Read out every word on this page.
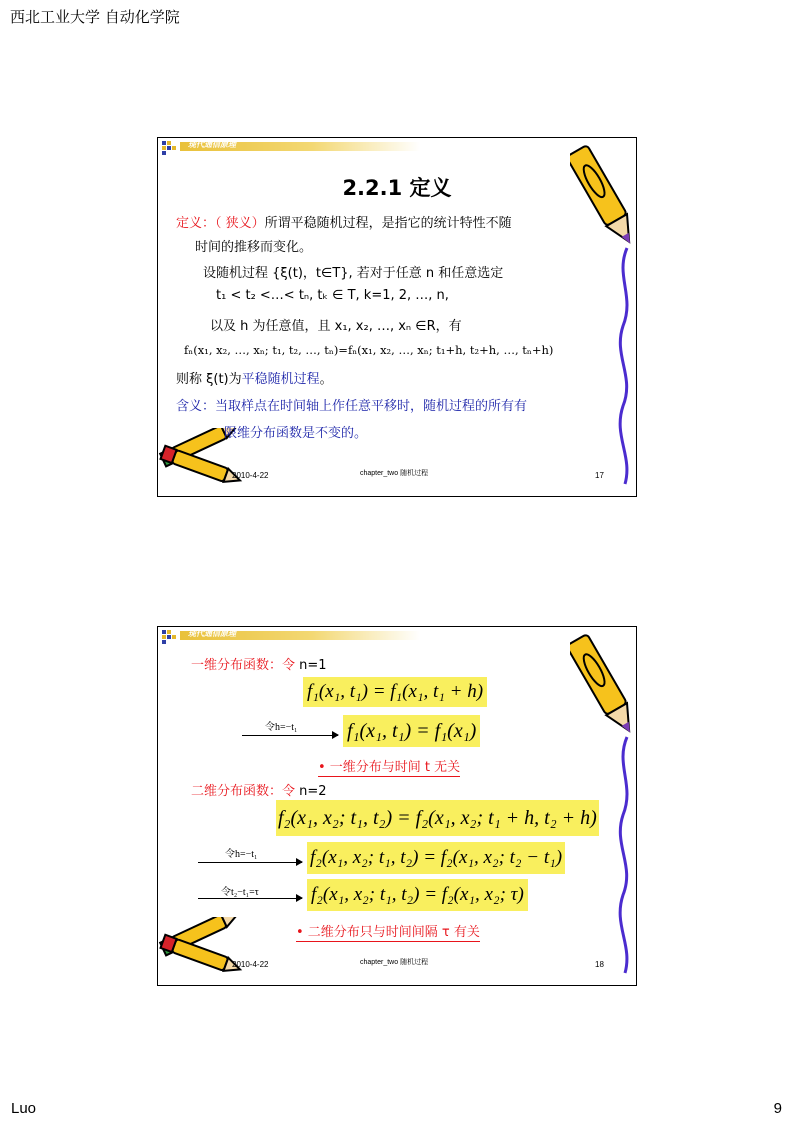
西北工业大学 自动化学院
现代通信原理
2.2.1 定义
定义：（ 狭义）所谓平稳随机过程，是指它的统计特性不随
时间的推移而变化。
设随机过程 {ξ(t)，t∈T}, 若对于任意 n 和任意选定
t₁ < t₂ <…< tₙ, tₖ ∈ T, k=1, 2, …, n,
以及 h 为任意值，且 x₁, x₂, …, xₙ ∈R，有
fₙ(x₁, x₂, …, xₙ; t₁, t₂, …, tₙ)=fₙ(x₁, x₂, …, xₙ; t₁+h, t₂+h, …, tₙ+h)
则称 ξ(t)为平稳随机过程。
含义：当取样点在时间轴上作任意平移时，随机过程的所有有
限维分布函数是不变的。
2010-4-22	chapter_two 随机过程	17
现代通信原理
一维分布函数：令 n=1
f₁(x₁, t₁) = f₁(x₁, t₁ + h)
令h=−t₁ f₁(x₁, t₁) = f₁(x₁)
• 一维分布与时间 t 无关
二维分布函数：令 n=2
f₂(x₁, x₂; t₁, t₂) = f₂(x₁, x₂; t₁ + h, t₂ + h)
令h=−t₁	f₂(x₁, x₂; t₁, t₂) = f₂(x₁, x₂; t₂ − t₁)
令t₂−t₁=τ	f₂(x₁, x₂; t₁, t₂) = f₂(x₁, x₂; τ)
• 二维分布只与时间间隔 τ 有关
2010-4-22	chapter_two 随机过程	18
Luo	9
